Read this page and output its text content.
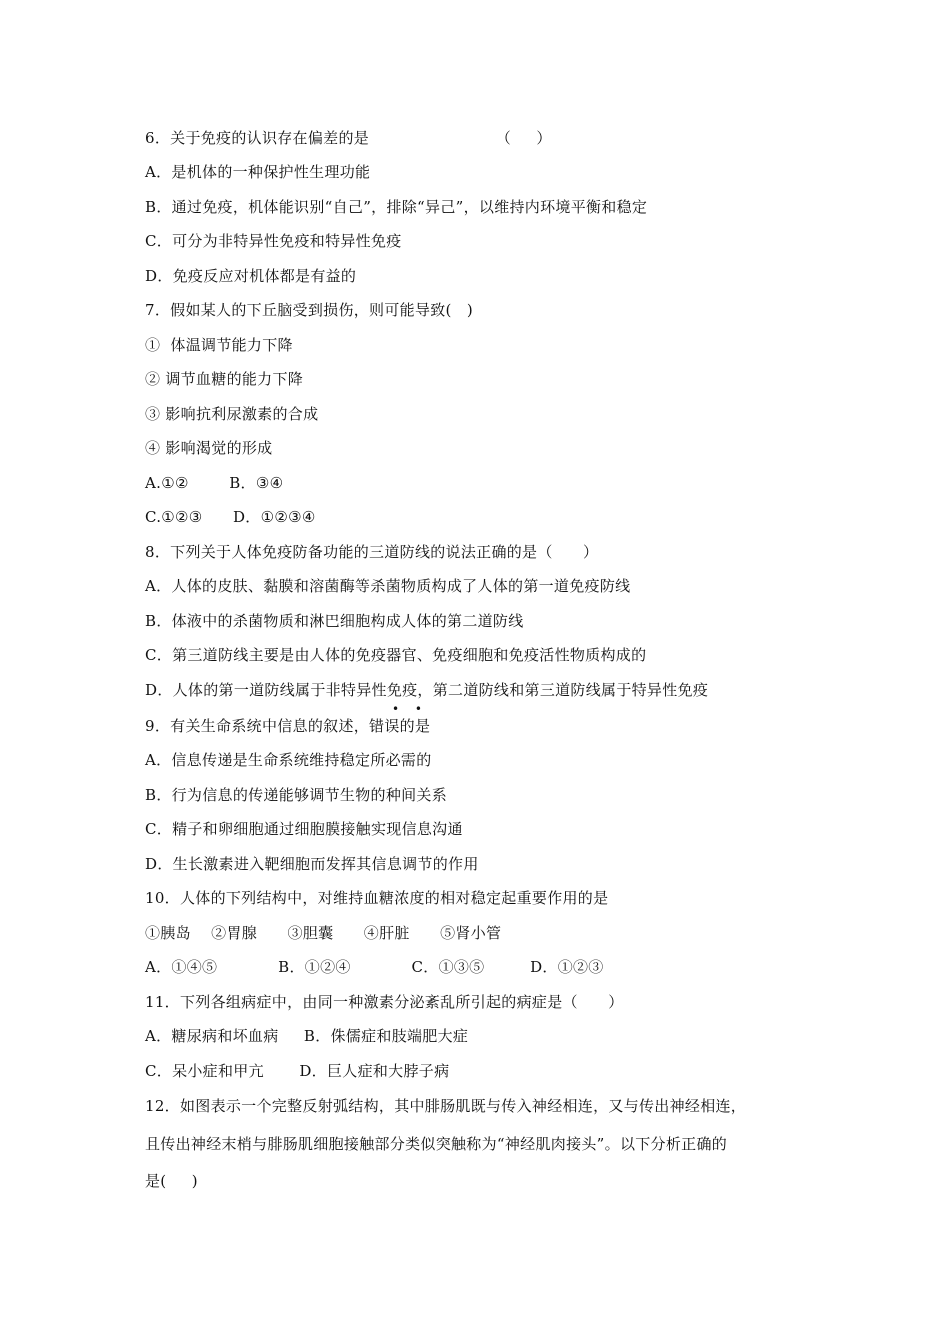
6．关于免疫的认识存在偏差的是                         （     ）
A．是机体的一种保护性生理功能
B．通过免疫，机体能识别“自己”，排除“异己”，以维持内环境平衡和稳定
C．可分为非特异性免疫和特异性免疫
D．免疫反应对机体都是有益的
7．假如某人的下丘脑受到损伤，则可能导致(   )
①  体温调节能力下降
② 调节血糖的能力下降
③ 影响抗利尿激素的合成
④ 影响渴觉的形成
A.①②        B．③④
C.①②③      D．①②③④
8．下列关于人体免疫防备功能的三道防线的说法正确的是（      ）
A．人体的皮肤、黏膜和溶菌酶等杀菌物质构成了人体的第一道免疫防线
B．体液中的杀菌物质和淋巴细胞构成人体的第二道防线
C．第三道防线主要是由人体的免疫器官、免疫细胞和免疫活性物质构成的
D．人体的第一道防线属于非特异性免疫，第二道防线和第三道防线属于特异性免疫
• •
9．有关生命系统中信息的叙述，错误的是
A．信息传递是生命系统维持稳定所必需的
B．行为信息的传递能够调节生物的种间关系
C．精子和卵细胞通过细胞膜接触实现信息沟通
D．生长激素进入靶细胞而发挥其信息调节的作用
10．人体的下列结构中，对维持血糖浓度的相对稳定起重要作用的是
①胰岛    ②胃腺      ③胆囊      ④肝脏      ⑤肾小管
A．①④⑤            B．①②④            C．①③⑤         D．①②③
11．下列各组病症中，由同一种激素分泌紊乱所引起的病症是（      ）
A．糖尿病和坏血病     B．侏儒症和肢端肥大症
C．呆小症和甲亢       D．巨人症和大脖子病
12．如图表示一个完整反射弧结构，其中腓肠肌既与传入神经相连，又与传出神经相连，
且传出神经末梢与腓肠肌细胞接触部分类似突触称为“神经肌肉接头”。以下分析正确的
是(     )
